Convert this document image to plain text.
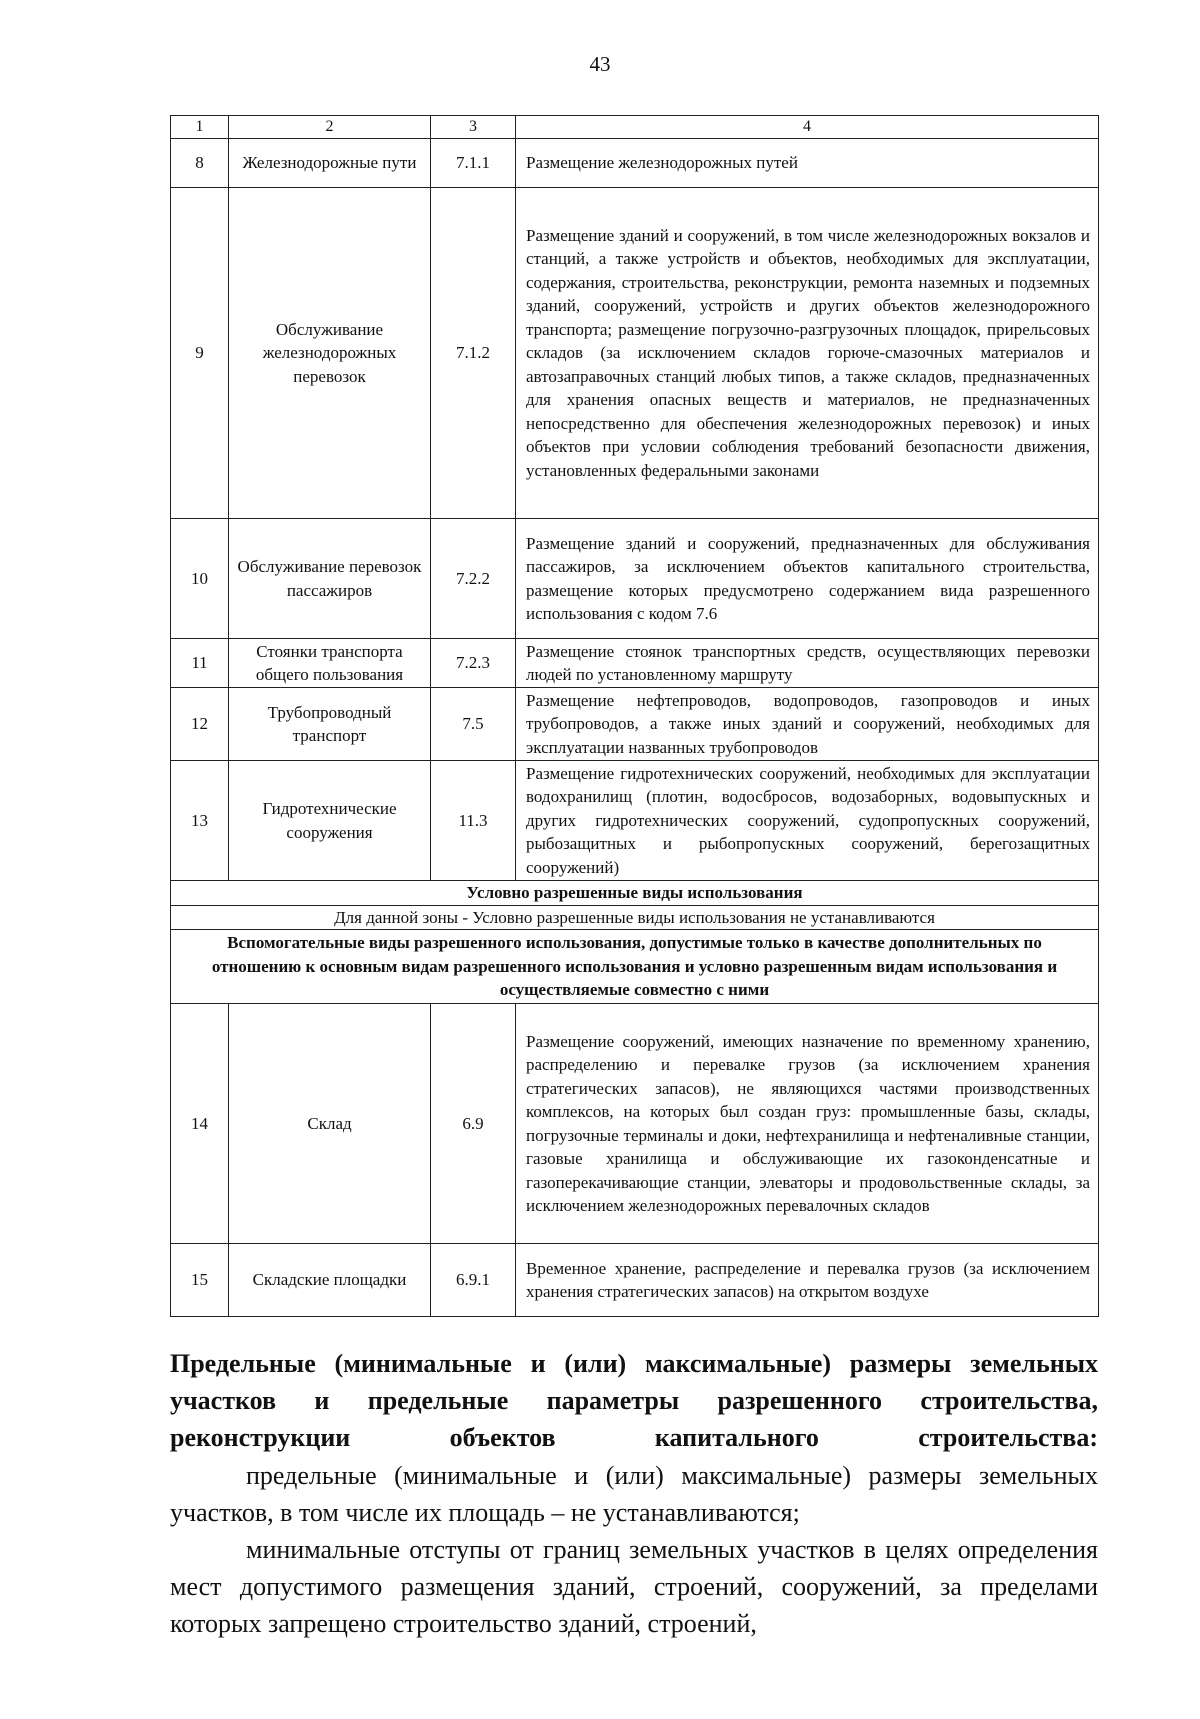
43
1	2	3	4
8	Железнодорожные пути	7.1.1	Размещение железнодорожных путей
9	Обслуживание железнодорожных перевозок	7.1.2	Размещение зданий и сооружений, в том числе железнодорожных вокзалов и станций, а также устройств и объектов, необходимых для эксплуатации, содержания, строительства, реконструкции, ремонта наземных и подземных зданий, сооружений, устройств и других объектов железнодорожного транспорта; размещение погрузочно-разгрузочных площадок, прирельсовых складов (за исключением складов горюче-смазочных материалов и автозаправочных станций любых типов, а также складов, предназначенных для хранения опасных веществ и материалов, не предназначенных непосредственно для обеспечения железнодорожных перевозок) и иных объектов при условии соблюдения требований безопасности движения, установленных федеральными законами
10	Обслуживание перевозок пассажиров	7.2.2	Размещение зданий и сооружений, предназначенных для обслуживания пассажиров, за исключением объектов капитального строительства, размещение которых предусмотрено содержанием вида разрешенного использования с кодом 7.6
11	Стоянки транспорта общего пользования	7.2.3	Размещение стоянок транспортных средств, осуществляющих перевозки людей по установленному маршруту
12	Трубопроводный транспорт	7.5	Размещение нефтепроводов, водопроводов, газопроводов и иных трубопроводов, а также иных зданий и сооружений, необходимых для эксплуатации названных трубопроводов
13	Гидротехнические сооружения	11.3	Размещение гидротехнических сооружений, необходимых для эксплуатации водохранилищ (плотин, водосбросов, водозаборных, водовыпускных и других гидротехнических сооружений, судопропускных сооружений, рыбозащитных и рыбопропускных сооружений, берегозащитных сооружений)
Условно разрешенные виды использования			
Для данной зоны - Условно разрешенные виды использования не устанавливаются			
Вспомогательные виды разрешенного использования, допустимые только в качестве дополнительных по отношению к основным видам разрешенного использования и условно разрешенным видам использования и осуществляемые совместно с ними			
14	Склад	6.9	Размещение сооружений, имеющих назначение по временному хранению, распределению и перевалке грузов (за исключением хранения стратегических запасов), не являющихся частями производственных комплексов, на которых был создан груз: промышленные базы, склады, погрузочные терминалы и доки, нефтехранилища и нефтеналивные станции, газовые хранилища и обслуживающие их газоконденсатные и газоперекачивающие станции, элеваторы и продовольственные склады, за исключением железнодорожных перевалочных складов
15	Складские площадки	6.9.1	Временное хранение, распределение и перевалка грузов (за исключением хранения стратегических запасов) на открытом воздухе
Предельные (минимальные и (или) максимальные) размеры земельных участков и предельные параметры разрешенного строительства, реконструкции объектов капитального строительства:
предельные (минимальные и (или) максимальные) размеры земельных участков, в том числе их площадь – не устанавливаются;
минимальные отступы от границ земельных участков в целях определения мест допустимого размещения зданий, строений, сооружений, за пределами которых запрещено строительство зданий, строений,
